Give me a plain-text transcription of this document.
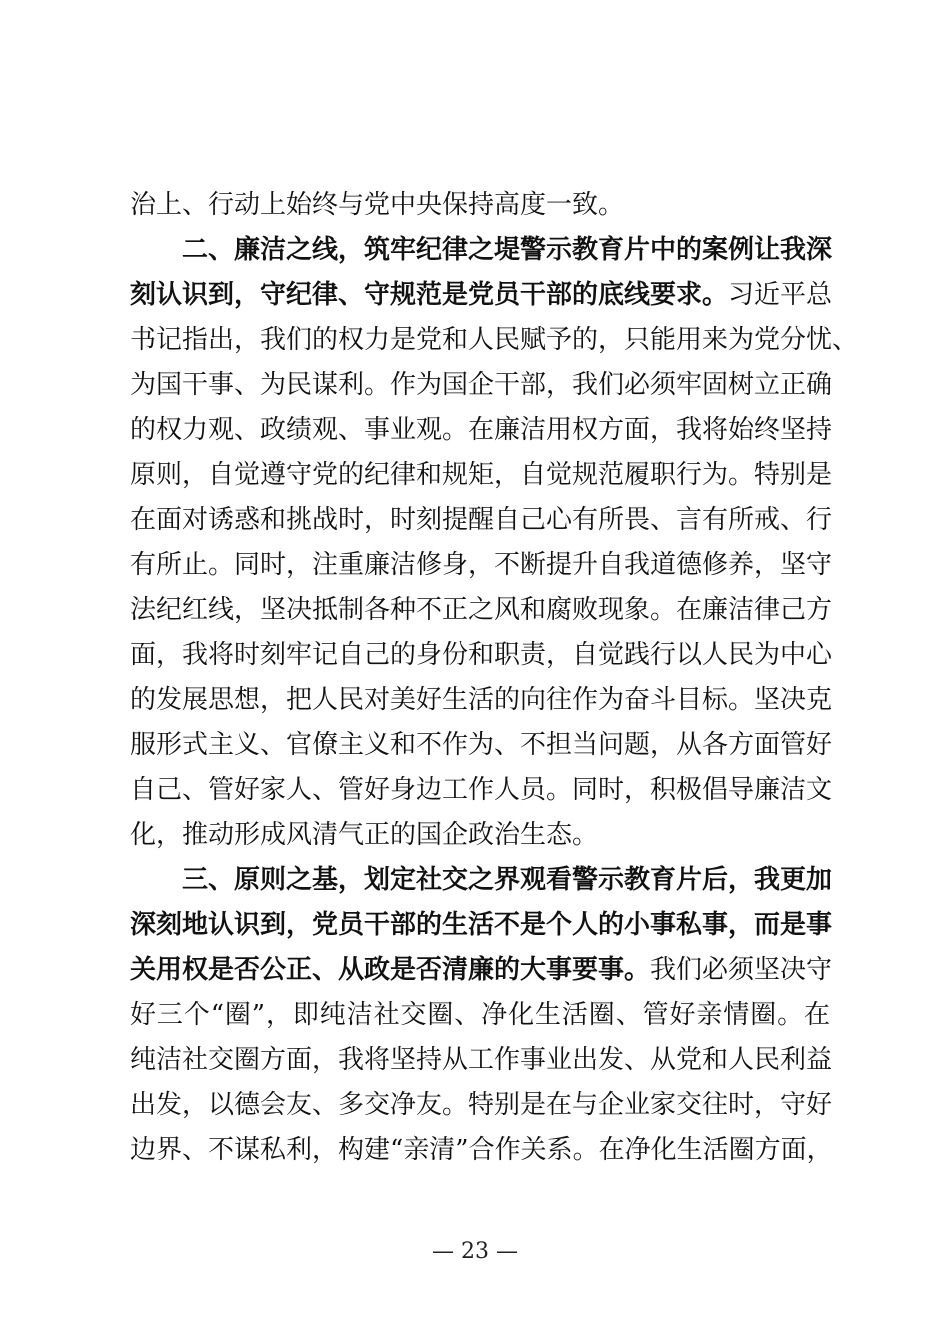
治上、行动上始终与党中央保持高度一致。
二、廉洁之线，筑牢纪律之堤警示教育片中的案例让我深
刻认识到，守纪律、守规范是党员干部的底线要求。习近平总
书记指出，我们的权力是党和人民赋予的，只能用来为党分忧、
为国干事、为民谋利。作为国企干部，我们必须牢固树立正确
的权力观、政绩观、事业观。在廉洁用权方面，我将始终坚持
原则，自觉遵守党的纪律和规矩，自觉规范履职行为。特别是
在面对诱惑和挑战时，时刻提醒自己心有所畏、言有所戒、行
有所止。同时，注重廉洁修身，不断提升自我道德修养，坚守
法纪红线，坚决抵制各种不正之风和腐败现象。在廉洁律己方
面，我将时刻牢记自己的身份和职责，自觉践行以人民为中心
的发展思想，把人民对美好生活的向往作为奋斗目标。坚决克
服形式主义、官僚主义和不作为、不担当问题，从各方面管好
自己、管好家人、管好身边工作人员。同时，积极倡导廉洁文
化，推动形成风清气正的国企政治生态。
三、原则之基，划定社交之界观看警示教育片后，我更加
深刻地认识到，党员干部的生活不是个人的小事私事，而是事
关用权是否公正、从政是否清廉的大事要事。我们必须坚决守
好三个“圈”，即纯洁社交圈、净化生活圈、管好亲情圈。在
纯洁社交圈方面，我将坚持从工作事业出发、从党和人民利益
出发，以德会友、多交净友。特别是在与企业家交往时，守好
边界、不谋私利，构建“亲清”合作关系。在净化生活圈方面，
— 23 —
